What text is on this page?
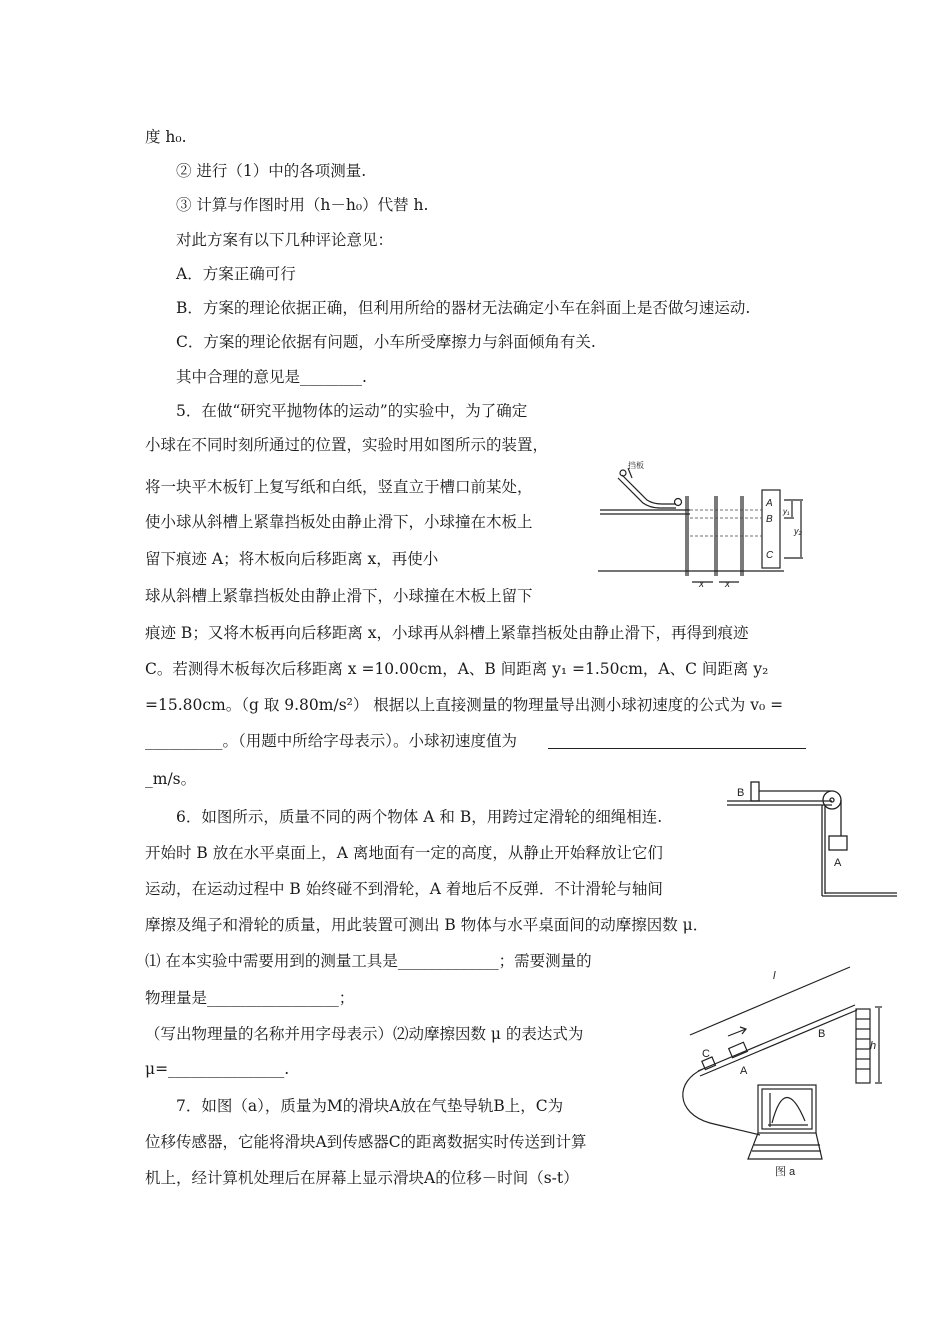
度 h₀.
② 进行（1）中的各项测量.
③ 计算与作图时用（h－h₀）代替 h.
对此方案有以下几种评论意见：
A．方案正确可行
B．方案的理论依据正确，但利用所给的器材无法确定小车在斜面上是否做匀速运动.
C．方案的理论依据有问题，小车所受摩擦力与斜面倾角有关.
其中合理的意见是________.
5．在做“研究平抛物体的运动”的实验中，为了确定
小球在不同时刻所通过的位置，实验时用如图所示的装置，
将一块平木板钉上复写纸和白纸，竖直立于槽口前某处，
使小球从斜槽上紧靠挡板处由静止滑下，小球撞在木板上
留下痕迹 A；将木板向后移距离 x，再使小
球从斜槽上紧靠挡板处由静止滑下，小球撞在木板上留下
痕迹 B；又将木板再向后移距离 x，小球再从斜槽上紧靠挡板处由静止滑下，再得到痕迹
C。若测得木板每次后移距离 x =10.00cm，A、B 间距离 y₁ =1.50cm，A、C 间距离 y₂
=15.80cm。（g 取 9.80m/s²） 根据以上直接测量的物理量导出测小球初速度的公式为 v₀ =
__________。（用题中所给字母表示）。小球初速度值为
_m/s。
6．如图所示，质量不同的两个物体 A 和 B，用跨过定滑轮的细绳相连.
开始时 B 放在水平桌面上，A 离地面有一定的高度，从静止开始释放让它们
运动，在运动过程中 B 始终碰不到滑轮，A 着地后不反弹．不计滑轮与轴间
摩擦及绳子和滑轮的质量，用此装置可测出 B 物体与水平桌面间的动摩擦因数 μ．
⑴ 在本实验中需要用到的测量工具是_____________；需要测量的
物理量是_________________；
（写出物理量的名称并用字母表示）⑵动摩擦因数 μ 的表达式为
μ=_______________.
7．如图（a），质量为M的滑块A放在气垫导轨B上，C为
位移传感器，它能将滑块A到传感器C的距离数据实时传送到计算
机上，经计算机处理后在屏幕上显示滑块A的位移－时间（s-t）
挡板
A
B
C
y₁
y₂
x x
B
A
l
h
C
A
B
图 a
